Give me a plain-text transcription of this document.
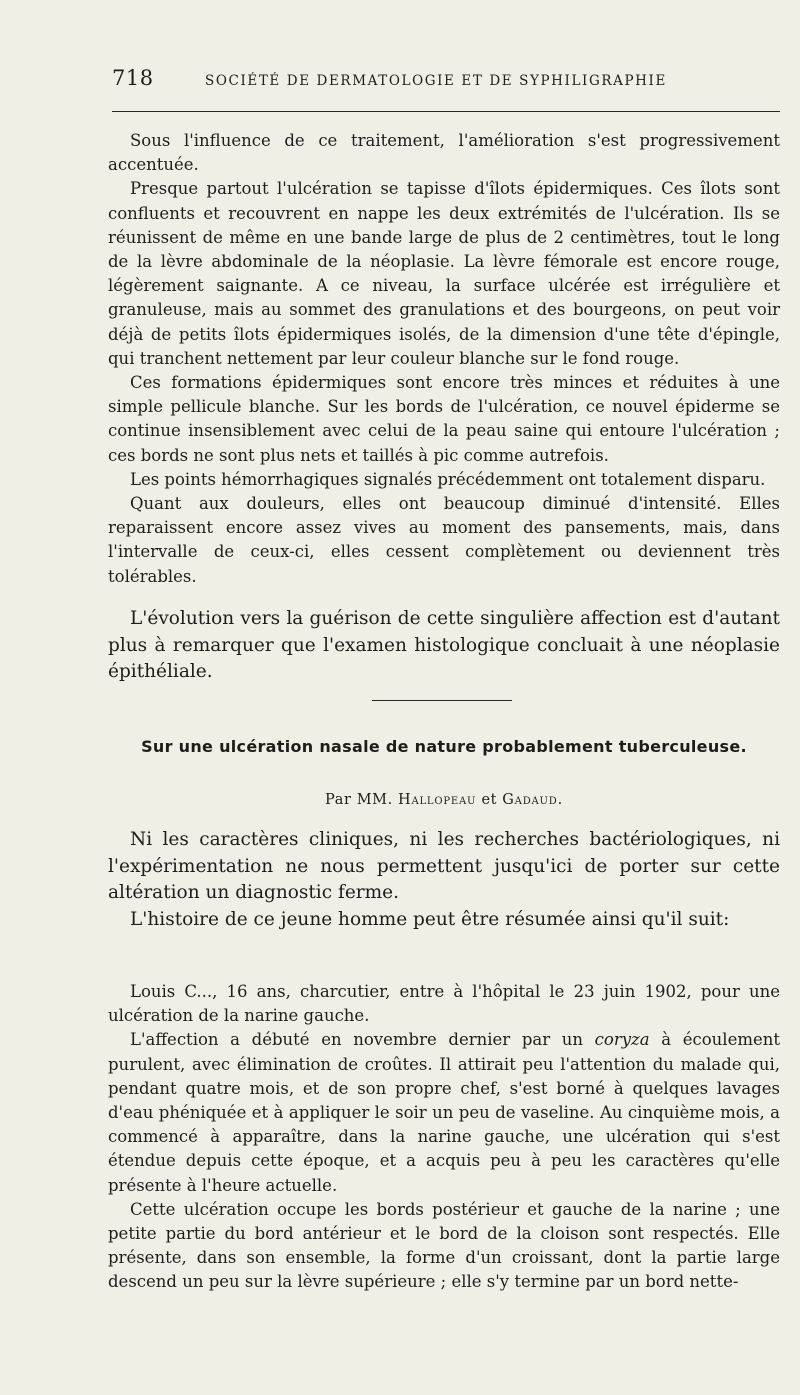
718	SOCIÉTÉ DE DERMATOLOGIE ET DE SYPHILIGRAPHIE

Sous l'influence de ce traitement, l'amélioration s'est progressivement accentuée.

Presque partout l'ulcération se tapisse d'îlots épidermiques. Ces îlots sont confluents et recouvrent en nappe les deux extrémités de l'ulcération. Ils se réunissent de même en une bande large de plus de 2 centimètres, tout le long de la lèvre abdominale de la néoplasie. La lèvre fémorale est encore rouge, légèrement saignante. A ce niveau, la surface ulcérée est irrégulière et granuleuse, mais au sommet des granulations et des bourgeons, on peut voir déjà de petits îlots épidermiques isolés, de la dimension d'une tête d'épingle, qui tranchent nettement par leur couleur blanche sur le fond rouge.

Ces formations épidermiques sont encore très minces et réduites à une simple pellicule blanche. Sur les bords de l'ulcération, ce nouvel épiderme se continue insensiblement avec celui de la peau saine qui entoure l'ulcération ; ces bords ne sont plus nets et taillés à pic comme autrefois.

Les points hémorrhagiques signalés précédemment ont totalement disparu.

Quant aux douleurs, elles ont beaucoup diminué d'intensité. Elles reparaissent encore assez vives au moment des pansements, mais, dans l'intervalle de ceux-ci, elles cessent complètement ou deviennent très tolérables.

L'évolution vers la guérison de cette singulière affection est d'autant plus à remarquer que l'examen histologique concluait à une néoplasie épithéliale.

Sur une ulcération nasale de nature probablement tuberculeuse.
Par MM. Hallopeau et Gadaud.

Ni les caractères cliniques, ni les recherches bactériologiques, ni l'expérimentation ne nous permettent jusqu'ici de porter sur cette altération un diagnostic ferme.

L'histoire de ce jeune homme peut être résumée ainsi qu'il suit:

Louis C..., 16 ans, charcutier, entre à l'hôpital le 23 juin 1902, pour une ulcération de la narine gauche.

L'affection a débuté en novembre dernier par un coryza à écoulement purulent, avec élimination de croûtes. Il attirait peu l'attention du malade qui, pendant quatre mois, et de son propre chef, s'est borné à quelques lavages d'eau phéniquée et à appliquer le soir un peu de vaseline. Au cinquième mois, a commencé à apparaître, dans la narine gauche, une ulcération qui s'est étendue depuis cette époque, et a acquis peu à peu les caractères qu'elle présente à l'heure actuelle.

Cette ulcération occupe les bords postérieur et gauche de la narine ; une petite partie du bord antérieur et le bord de la cloison sont respectés. Elle présente, dans son ensemble, la forme d'un croissant, dont la partie large descend un peu sur la lèvre supérieure ; elle s'y termine par un bord nette-
